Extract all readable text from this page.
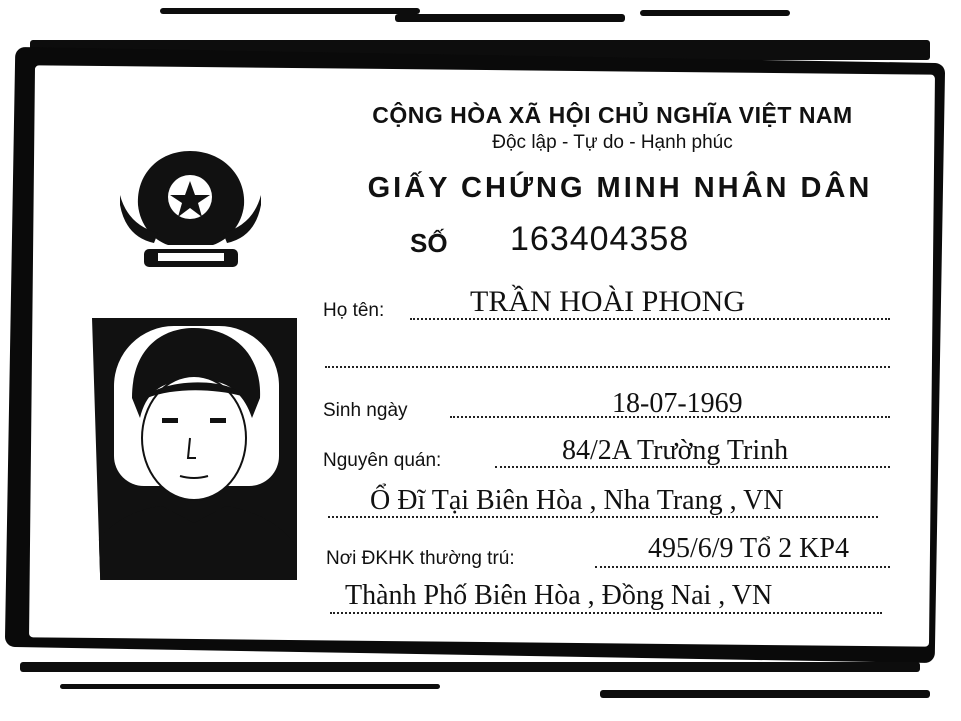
CỘNG HÒA XÃ HỘI CHỦ NGHĨA VIỆT NAM
Độc lập - Tự do - Hạnh phúc
GIẤY CHỨNG MINH NHÂN DÂN
SỐ 163404358
Họ tên:	TRẦN HOÀI PHONG
Sinh ngày	18-07-1969
Nguyên quán:	84/2A Trường Trinh
Ổ Đĩ Tại Biên Hòa , Nha Trang , VN
Nơi ĐKHK thường trú:	495/6/9 Tổ 2 KP4
Thành Phố Biên Hòa , Đồng Nai , VN
